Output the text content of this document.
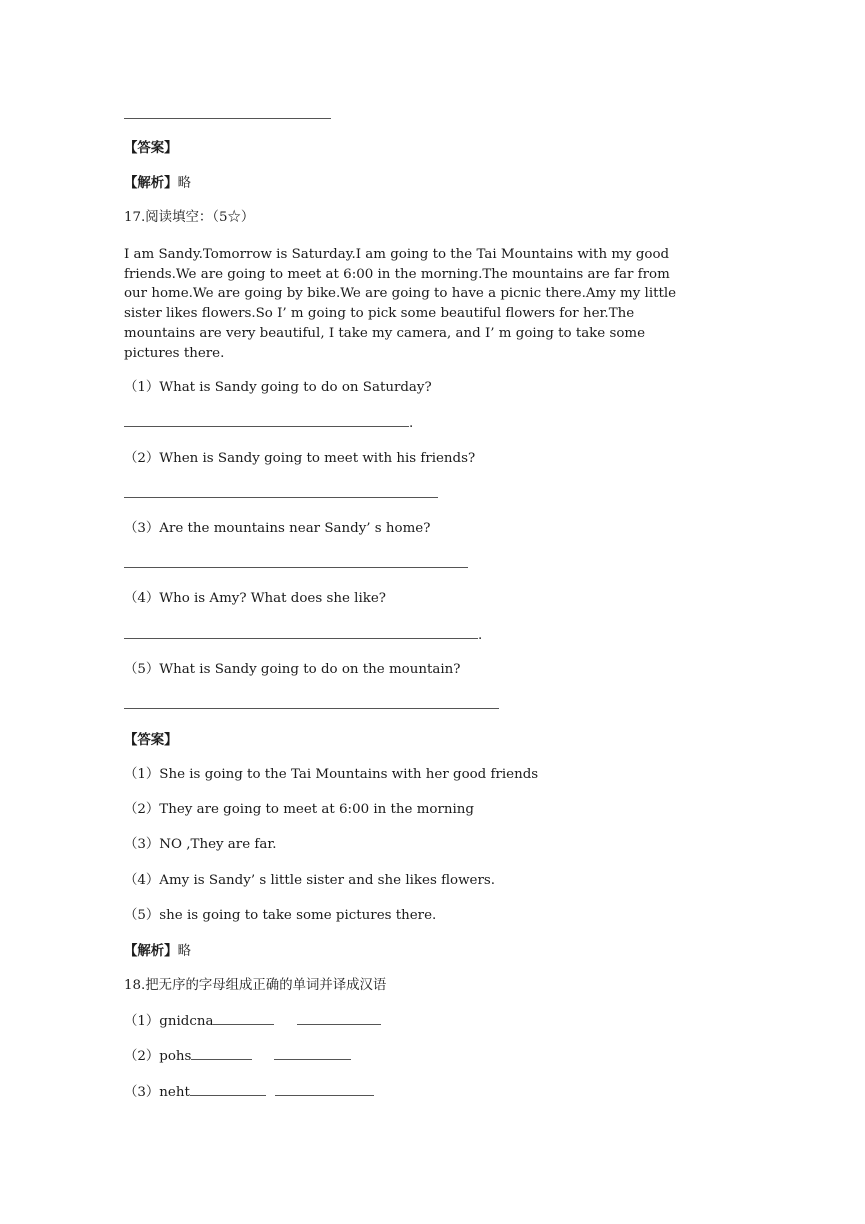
【答案】
【解析】略
17.阅读填空：（5☆）
I am Sandy.Tomorrow is Saturday.I am going to the Tai Mountains with my good
friends.We are going to meet at 6:00 in the morning.The mountains are far from
our home.We are going by bike.We are going to have a picnic there.Amy my little
sister likes flowers.So I’ m going to pick some beautiful flowers for her.The
mountains are very beautiful, I take my camera, and I’ m going to take some
pictures there.
（1）What is Sandy going to do on Saturday?
.
（2）When is Sandy going to meet with his friends?
（3）Are the mountains near Sandy’ s home?
（4）Who is Amy? What does she like?
.
（5）What is Sandy going to do on the mountain?
【答案】
（1）She is going to the Tai Mountains with her good friends
（2）They are going to meet at 6:00 in the morning
（3）NO ,They are far.
（4）Amy is Sandy’ s little sister and she likes flowers.
（5）she is going to take some pictures there.
【解析】略
18.把无序的字母组成正确的单词并译成汉语
（1）gnidcna
（2）pohs
（3）neht
